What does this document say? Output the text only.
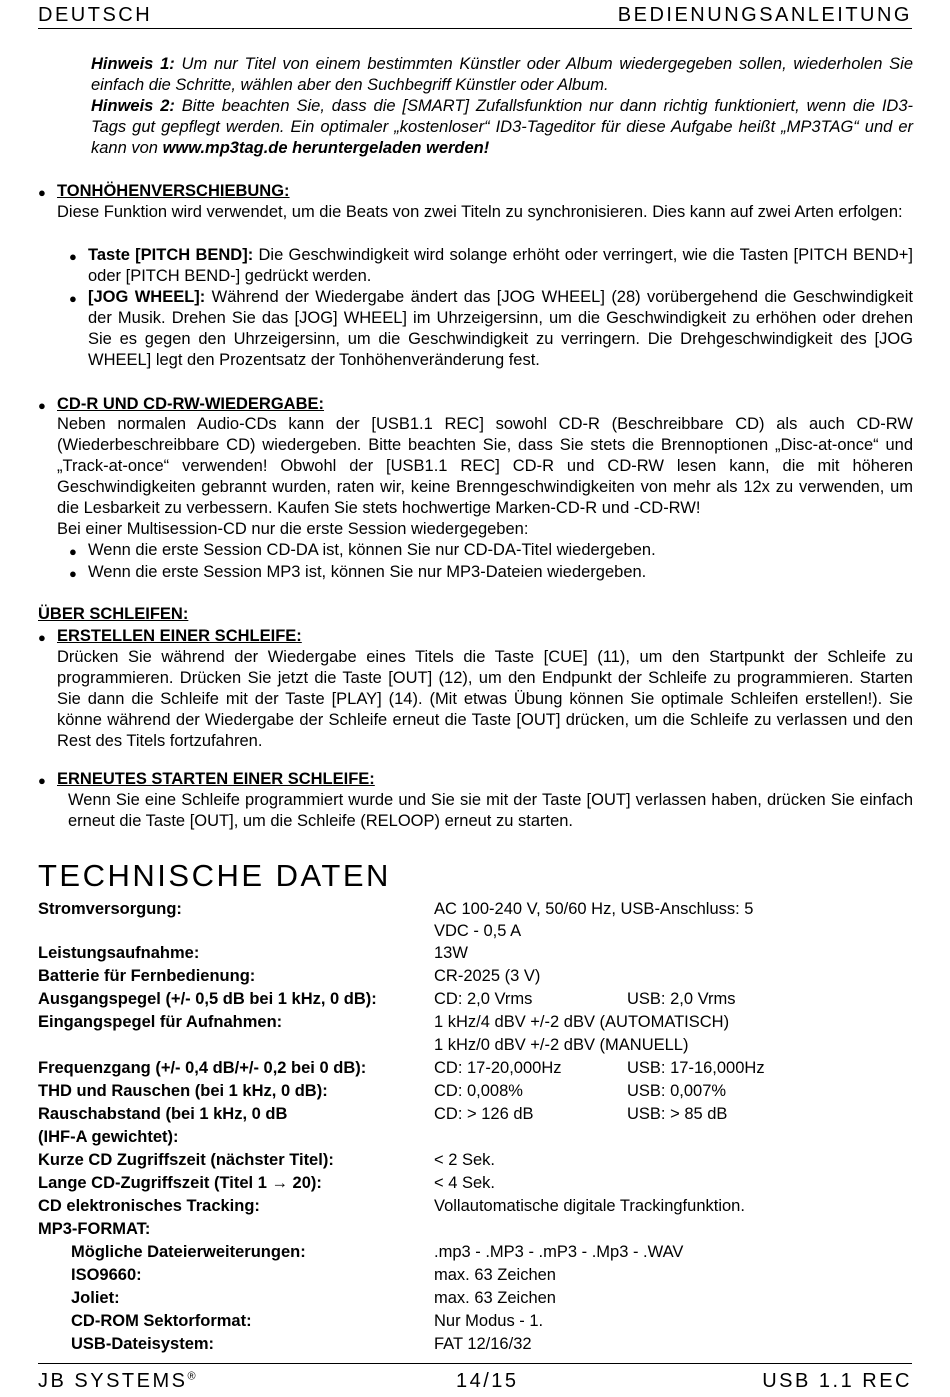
DEUTSCH	BEDIENUNGSANLEITUNG
Hinweis 1: Um nur Titel von einem bestimmten Künstler oder Album wiedergegeben sollen, wiederholen Sie einfach die Schritte, wählen aber den Suchbegriff Künstler oder Album.
Hinweis 2: Bitte beachten Sie, dass die [SMART] Zufallsfunktion nur dann richtig funktioniert, wenn die ID3-Tags gut gepflegt werden. Ein optimaler „kostenloser“ ID3-Tageditor für diese Aufgabe heißt „MP3TAG“ und er kann von www.mp3tag.de heruntergeladen werden!
● TONHÖHENVERSCHIEBUNG:
Diese Funktion wird verwendet, um die Beats von zwei Titeln zu synchronisieren. Dies kann auf zwei Arten erfolgen:
● Taste [PITCH BEND]: Die Geschwindigkeit wird solange erhöht oder verringert, wie die Tasten [PITCH BEND+] oder [PITCH BEND-] gedrückt werden.
● [JOG WHEEL]: Während der Wiedergabe ändert das [JOG WHEEL] (28) vorübergehend die Geschwindigkeit der Musik. Drehen Sie das [JOG] WHEEL] im Uhrzeigersinn, um die Geschwindigkeit zu erhöhen oder drehen Sie es gegen den Uhrzeigersinn, um die Geschwindigkeit zu verringern. Die Drehgeschwindigkeit des [JOG WHEEL] legt den Prozentsatz der Tonhöhenveränderung fest.
● CD-R UND CD-RW-WIEDERGABE:
Neben normalen Audio-CDs kann der [USB1.1 REC] sowohl CD-R (Beschreibbare CD) als auch CD-RW (Wiederbeschreibbare CD) wiedergeben. Bitte beachten Sie, dass Sie stets die Brennoptionen „Disc-at-once“ und „Track-at-once“ verwenden! Obwohl der [USB1.1 REC] CD-R und CD-RW lesen kann, die mit höheren Geschwindigkeiten gebrannt wurden, raten wir, keine Brenngeschwindigkeiten von mehr als 12x zu verwenden, um die Lesbarkeit zu verbessern. Kaufen Sie stets hochwertige Marken-CD-R und -CD-RW!
Bei einer Multisession-CD nur die erste Session wiedergegeben:
● Wenn die erste Session CD-DA ist, können Sie nur CD-DA-Titel wiedergeben.
● Wenn die erste Session MP3 ist, können Sie nur MP3-Dateien wiedergeben.
ÜBER SCHLEIFEN:
● ERSTELLEN EINER SCHLEIFE:
Drücken Sie während der Wiedergabe eines Titels die Taste [CUE] (11), um den Startpunkt der Schleife zu programmieren. Drücken Sie jetzt die Taste [OUT] (12), um den Endpunkt der Schleife zu programmieren. Starten Sie dann die Schleife mit der Taste [PLAY] (14). (Mit etwas Übung können Sie optimale Schleifen erstellen!). Sie könne während der Wiedergabe der Schleife erneut die Taste [OUT] drücken, um die Schleife zu verlassen und den Rest des Titels fortzufahren.
● ERNEUTES STARTEN EINER SCHLEIFE:
Wenn Sie eine Schleife programmiert wurde und Sie sie mit der Taste [OUT] verlassen haben, drücken Sie einfach erneut die Taste [OUT], um die Schleife (RELOOP) erneut zu starten.
TECHNISCHE DATEN
Stromversorgung:	AC 100-240 V, 50/60 Hz, USB-Anschluss: 5 VDC - 0,5 A	
Leistungsaufnahme:	13W	
Batterie für Fernbedienung:	CR-2025 (3 V)	
Ausgangspegel (+/- 0,5 dB bei 1 kHz, 0 dB):	CD: 2,0 Vrms	USB: 2,0 Vrms
Eingangspegel für Aufnahmen:	1 kHz/4 dBV +/-2 dBV (AUTOMATISCH)	
	1 kHz/0 dBV +/-2 dBV (MANUELL)	
Frequenzgang (+/- 0,4 dB/+/- 0,2 bei 0 dB):	CD: 17-20,000Hz	USB: 17-16,000Hz
THD und Rauschen (bei 1 kHz, 0 dB):	CD: 0,008%	USB: 0,007%
Rauschabstand (bei 1 kHz, 0 dB	CD: > 126 dB	USB: > 85 dB
(IHF-A gewichtet):		
Kurze CD Zugriffszeit (nächster Titel):	< 2 Sek.	
Lange CD-Zugriffszeit (Titel 1 → 20):	< 4 Sek.	
CD elektronisches Tracking:	Vollautomatische digitale Trackingfunktion.	
MP3-FORMAT:		
Mögliche Dateierweiterungen:	.mp3 - .MP3 - .mP3 - .Mp3 - .WAV	
ISO9660:	max. 63 Zeichen	
Joliet:	max. 63 Zeichen	
CD-ROM Sektorformat:	Nur Modus - 1.	
USB-Dateisystem:	FAT 12/16/32	
JB SYSTEMS®	14/15	USB 1.1 REC
